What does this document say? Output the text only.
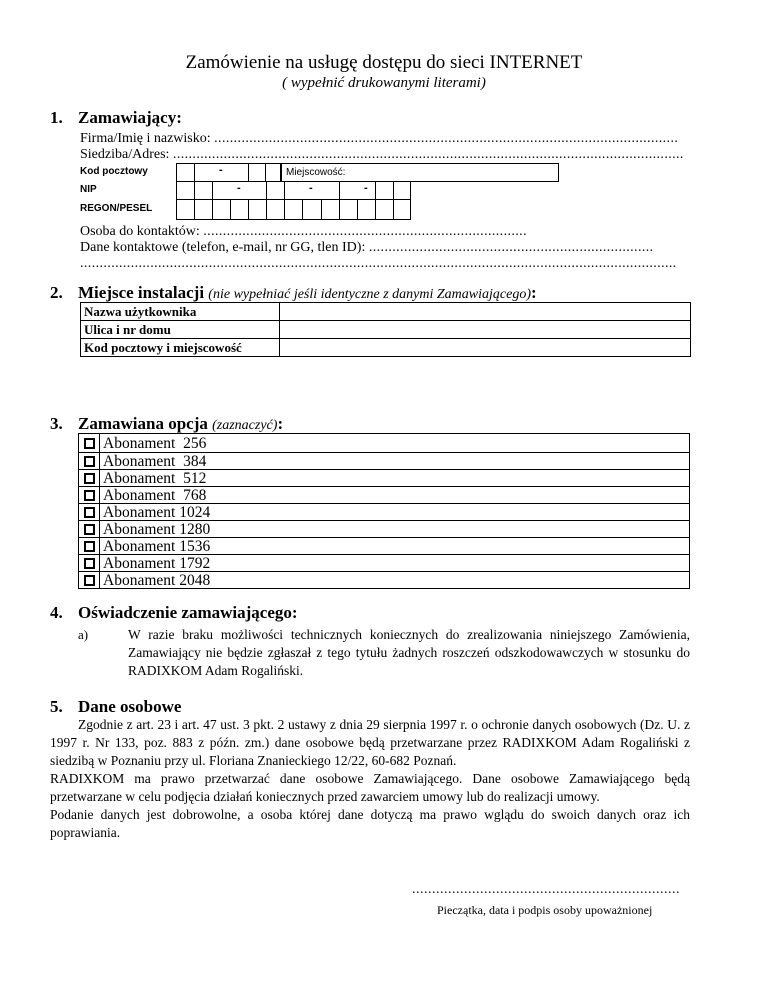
Zamówienie na usługę dostępu do sieci INTERNET
( wypełnić drukowanymi literami)
1. Zamawiający:
Firma/Imię i nazwisko: .......................................................................................................................
Siedziba/Adres: ...................................................................................................................................
Kod pocztowy	-	Miejscowość:
NIP	-	-	-
REGON/PESEL
Osoba do kontaktów: ...................................................................................
Dane kontaktowe (telefon, e-mail, nr GG, tlen ID): .........................................................................
.........................................................................................................................................................
2. Miejsce instalacji (nie wypełniać jeśli identyczne z danymi Zamawiającego):
Nazwa użytkownika	
Ulica i nr domu	
Kod pocztowy i miejscowość	
3. Zamawiana opcja (zaznaczyć):
Abonament  256
Abonament  384
Abonament  512
Abonament  768
Abonament 1024
Abonament 1280
Abonament 1536
Abonament 1792
Abonament 2048
4. Oświadczenie zamawiającego:
a)	W razie braku możliwości technicznych koniecznych do zrealizowania niniejszego Zamówienia, Zamawiający nie będzie zgłaszał z tego tytułu żadnych roszczeń odszkodowawczych w stosunku do RADIXKOM Adam Rogaliński.
5. Dane osobowe
Zgodnie z art. 23 i art. 47 ust. 3 pkt. 2 ustawy z dnia 29 sierpnia 1997 r. o ochronie danych osobowych (Dz. U. z 1997 r. Nr 133, poz. 883 z późn. zm.) dane osobowe będą przetwarzane przez RADIXKOM Adam Rogaliński z siedzibą w Poznaniu przy ul. Floriana Znanieckiego 12/22, 60-682 Poznań.
RADIXKOM ma prawo przetwarzać dane osobowe Zamawiającego. Dane osobowe Zamawiającego będą przetwarzane w celu podjęcia działań koniecznych przed zawarciem umowy lub do realizacji umowy.
Podanie danych jest dobrowolne, a osoba której dane dotyczą ma prawo wglądu do swoich danych oraz ich poprawiania.
...................................................................
Pieczątka, data i podpis osoby upoważnionej
